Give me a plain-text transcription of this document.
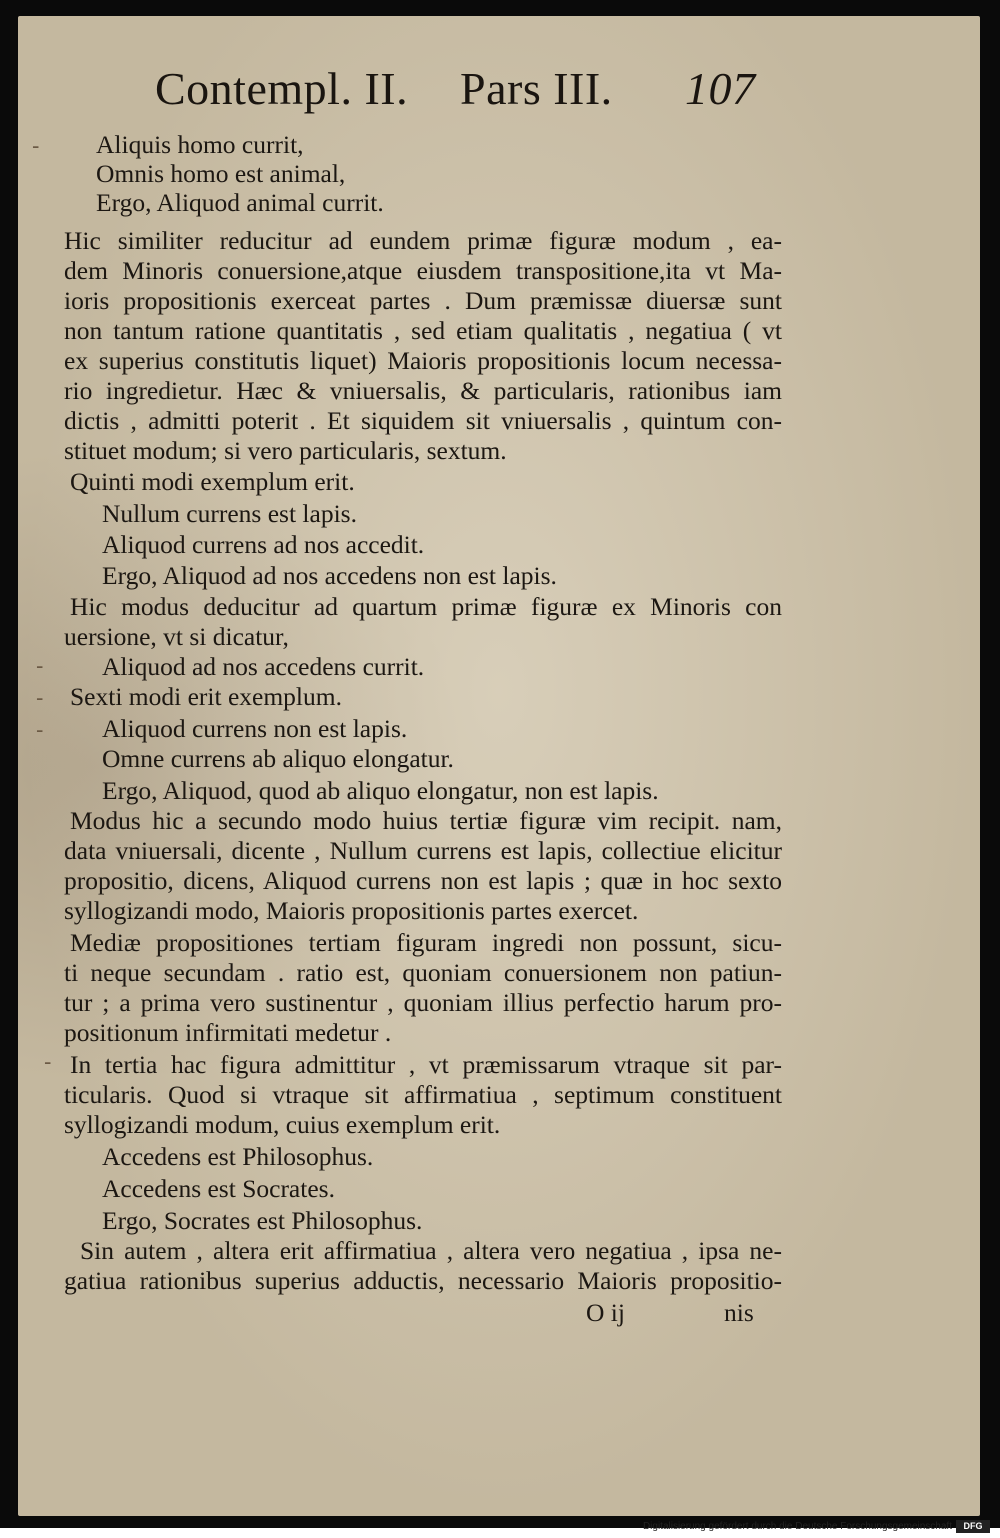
Contempl. II. Pars III. 107
Aliquis homo currit,
Omnis homo est animal,
Ergo, Aliquod animal currit.
Hic similiter reducitur ad eundem primæ figuræ modum , ea-
dem Minoris conuersione,atque eiusdem transpositione,ita vt Ma-
ioris propositionis exerceat partes . Dum præmissæ diuersæ sunt
non tantum ratione quantitatis , sed etiam qualitatis , negatiua ( vt
ex superius constitutis liquet) Maioris propositionis locum necessa-
rio ingredietur. Hæc & vniuersalis, & particularis, rationibus iam
dictis , admitti poterit . Et siquidem sit vniuersalis , quintum con-
stituet modum; si vero particularis, sextum.
Quinti modi exemplum erit.
Nullum currens est lapis.
Aliquod currens ad nos accedit.
Ergo, Aliquod ad nos accedens non est lapis.
Hic modus deducitur ad quartum primæ figuræ ex Minoris con
uersione, vt si dicatur,
Aliquod ad nos accedens currit.
Sexti modi erit exemplum.
Aliquod currens non est lapis.
Omne currens ab aliquo elongatur.
Ergo, Aliquod, quod ab aliquo elongatur, non est lapis.
Modus hic a secundo modo huius tertiæ figuræ vim recipit. nam,
data vniuersali, dicente , Nullum currens est lapis, collectiue elicitur
propositio, dicens, Aliquod currens non est lapis ; quæ in hoc sexto
syllogizandi modo, Maioris propositionis partes exercet.
Mediæ propositiones tertiam figuram ingredi non possunt, sicu-
ti neque secundam . ratio est, quoniam conuersionem non patiun-
tur ; a prima vero sustinentur , quoniam illius perfectio harum pro-
positionum infirmitati medetur .
In tertia hac figura admittitur , vt præmissarum vtraque sit par-
ticularis. Quod si vtraque sit affirmatiua , septimum constituent
syllogizandi modum, cuius exemplum erit.
Accedens est Philosophus.
Accedens est Socrates.
Ergo, Socrates est Philosophus.
Sin autem , altera erit affirmatiua , altera vero negatiua , ipsa ne-
gatiua rationibus superius adductis, necessario Maioris propositio-
O ij	nis
-
-
-
-
-
Digitalisierung gefördert durch die Deutsche Forschungsgemeinschaft	DFG
